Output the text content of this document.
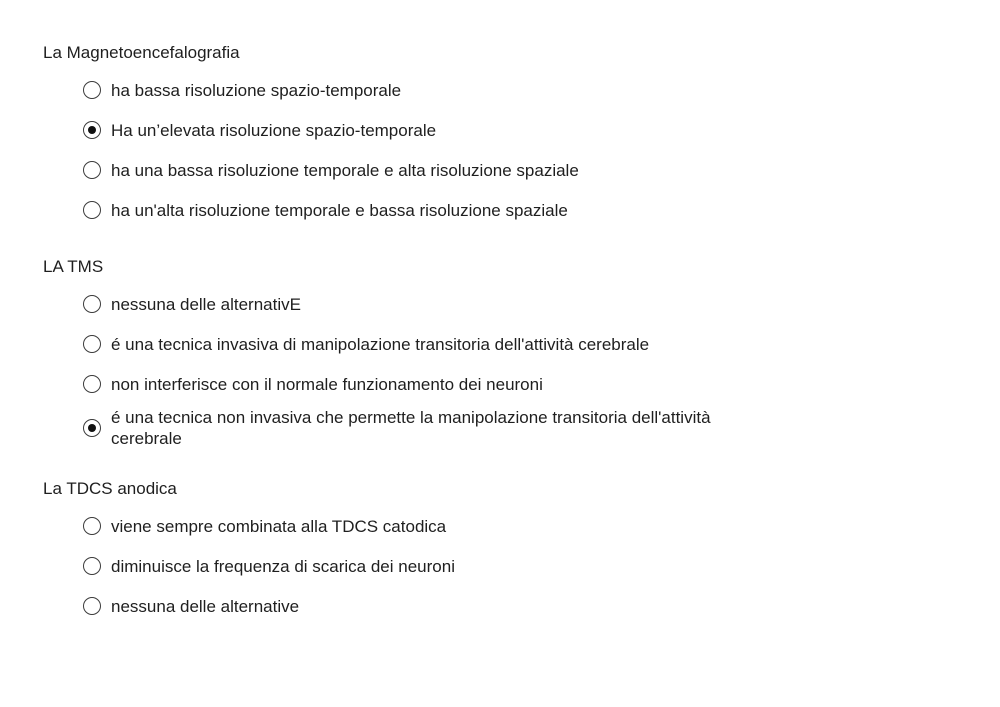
La Magnetoencefalografia
ha bassa risoluzione spazio-temporale
Ha un’elevata risoluzione spazio-temporale
ha una bassa risoluzione temporale e alta risoluzione spaziale
ha un'alta risoluzione temporale e bassa risoluzione spaziale
LA TMS
nessuna delle alternativE
é una tecnica invasiva di manipolazione transitoria dell'attività cerebrale
non interferisce con il normale funzionamento dei neuroni
é una tecnica non invasiva che permette la manipolazione transitoria dell'attività cerebrale
La TDCS anodica
viene sempre combinata alla TDCS catodica
diminuisce la frequenza di scarica dei neuroni
nessuna delle alternative
